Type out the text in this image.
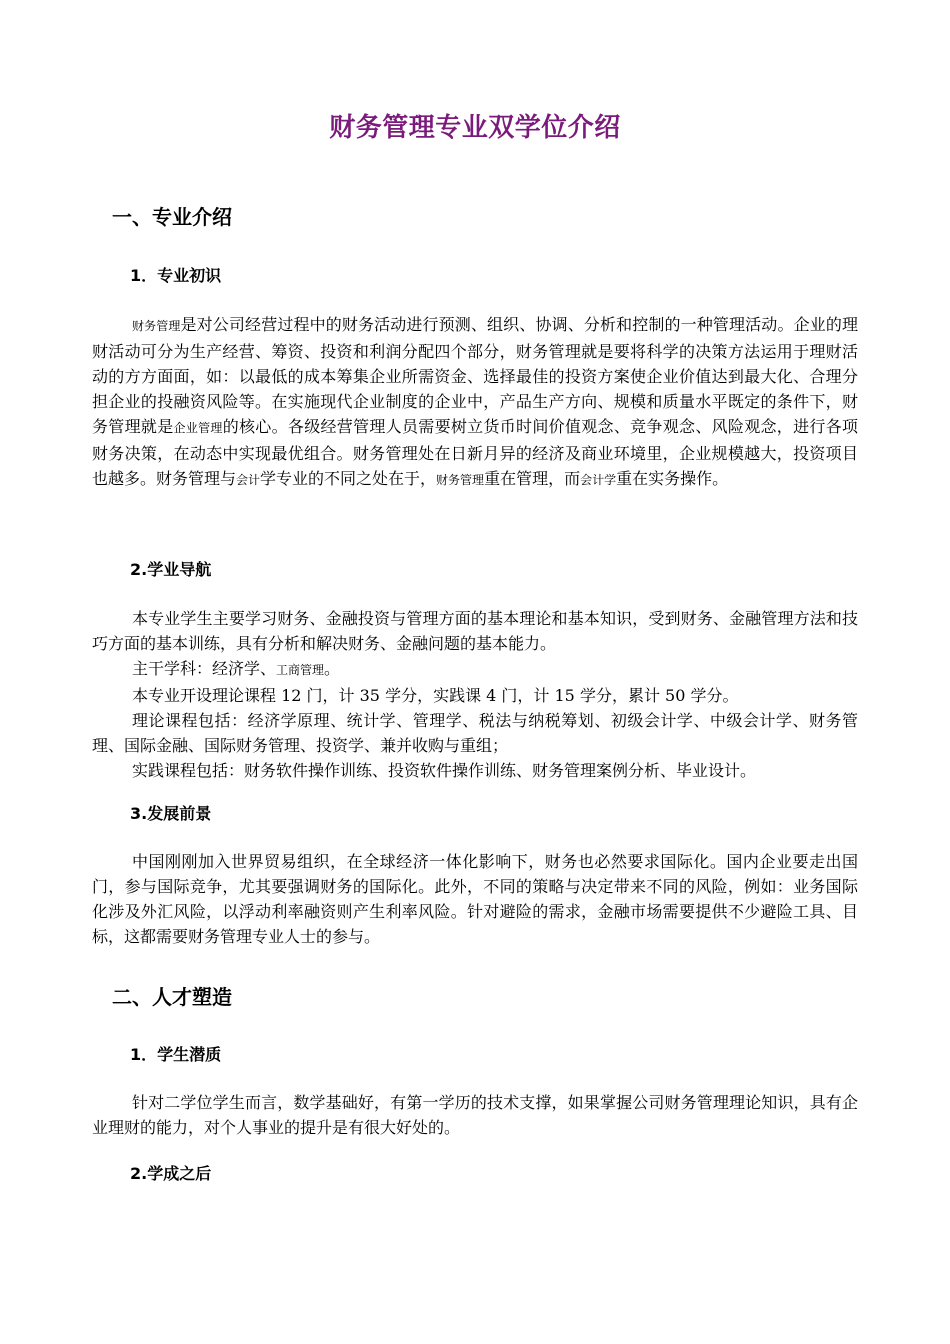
财务管理专业双学位介绍
一、专业介绍
1．专业初识

财务管理是对公司经营过程中的财务活动进行预测、组织、协调、分析和控制的一种管理活动。企业的理财活动可分为生产经营、筹资、投资和利润分配四个部分，财务管理就是要将科学的决策方法运用于理财活动的方方面面，如：以最低的成本筹集企业所需资金、选择最佳的投资方案使企业价值达到最大化、合理分担企业的投融资风险等。在实施现代企业制度的企业中，产品生产方向、规模和质量水平既定的条件下，财务管理就是企业管理的核心。各级经营管理人员需要树立货币时间价值观念、竞争观念、风险观念，进行各项财务决策，在动态中实现最优组合。财务管理处在日新月异的经济及商业环境里，企业规模越大，投资项目也越多。财务管理与会计学专业的不同之处在于，财务管理重在管理，而会计学重在实务操作。

2.学业导航

本专业学生主要学习财务、金融投资与管理方面的基本理论和基本知识，受到财务、金融管理方法和技巧方面的基本训练，具有分析和解决财务、金融问题的基本能力。

主干学科：经济学、工商管理。

本专业开设理论课程 12 门，计 35 学分，实践课 4 门，计 15 学分，累计 50 学分。

理论课程包括：经济学原理、统计学、管理学、税法与纳税筹划、初级会计学、中级会计学、财务管理、国际金融、国际财务管理、投资学、兼并收购与重组；

实践课程包括：财务软件操作训练、投资软件操作训练、财务管理案例分析、毕业设计。

3.发展前景

中国刚刚加入世界贸易组织，在全球经济一体化影响下，财务也必然要求国际化。国内企业要走出国门，参与国际竞争，尤其要强调财务的国际化。此外，不同的策略与决定带来不同的风险，例如：业务国际化涉及外汇风险，以浮动利率融资则产生利率风险。针对避险的需求，金融市场需要提供不少避险工具、目标，这都需要财务管理专业人士的参与。

二、人才塑造
1．学生潜质

针对二学位学生而言，数学基础好，有第一学历的技术支撑，如果掌握公司财务管理理论知识，具有企业理财的能力，对个人事业的提升是有很大好处的。

2.学成之后
